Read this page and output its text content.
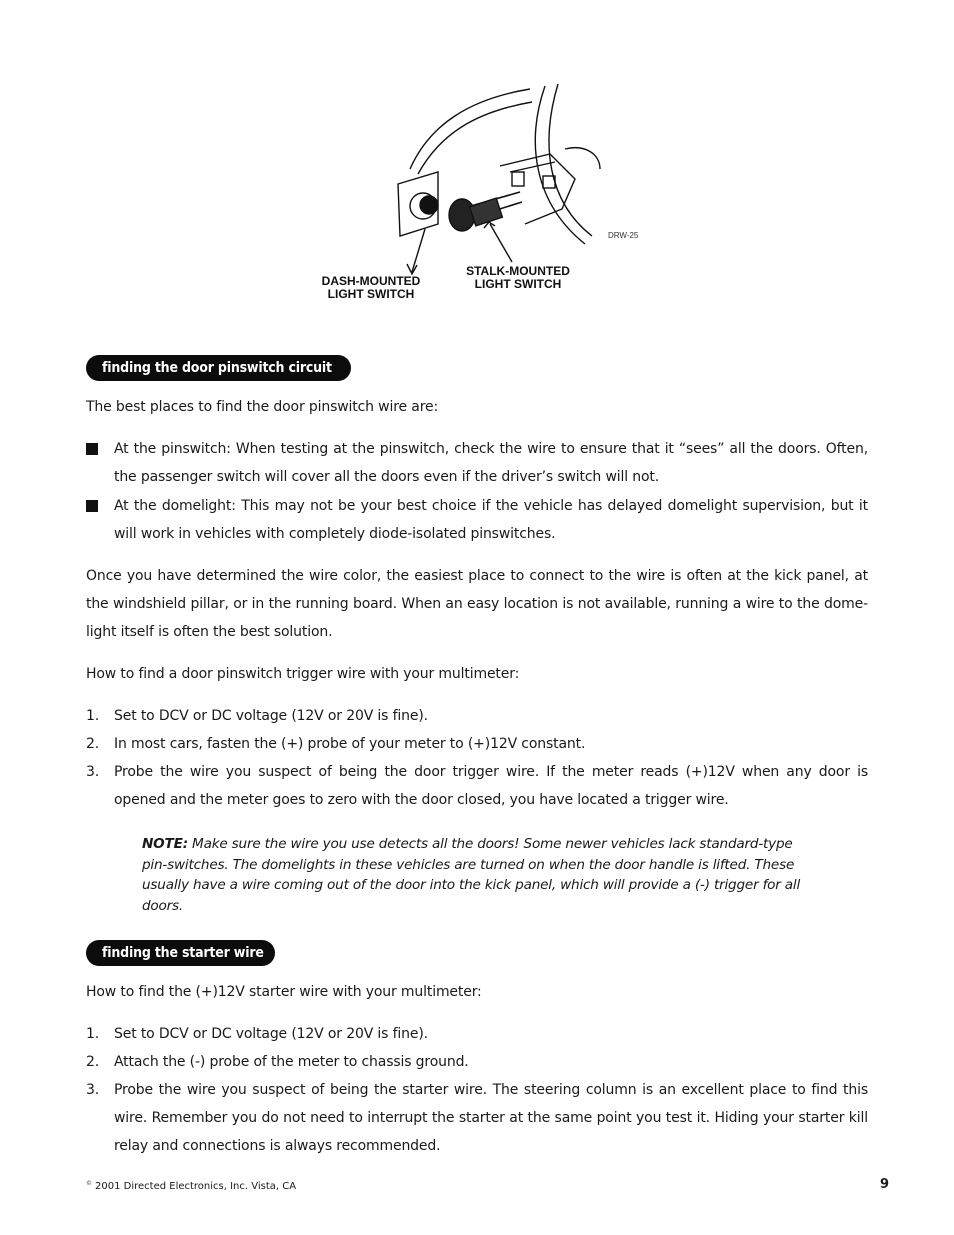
DRW-25
DASH-MOUNTED
LIGHT SWITCH
STALK-MOUNTED
LIGHT SWITCH
finding the door pinswitch circuit
The best places to find the door pinswitch wire are:
At the pinswitch: When testing at the pinswitch, check the wire to ensure that it “sees” all the doors. Often, the passenger switch will cover all the doors even if the driver’s switch will not.
At the domelight: This may not be your best choice if the vehicle has delayed domelight supervision, but it will work in vehicles with completely diode-isolated pinswitches.
Once you have determined the wire color, the easiest place to connect to the wire is often at the kick panel, at the windshield pillar, or in the running board. When an easy location is not available, running a wire to the dome-light itself is often the best solution.
How to find a door pinswitch trigger wire with your multimeter:
1. Set to DCV or DC voltage (12V or 20V is fine).
2. In most cars, fasten the (+) probe of your meter to (+)12V constant.
3. Probe the wire you suspect of being the door trigger wire. If the meter reads (+)12V when any door is opened and the meter goes to zero with the door closed, you have located a trigger wire.
NOTE: Make sure the wire you use detects all the doors! Some newer vehicles lack standard-type pin-switches. The domelights in these vehicles are turned on when the door handle is lifted. These usually have a wire coming out of the door into the kick panel, which will provide a (-) trigger for all doors.
finding the starter wire
How to find the (+)12V starter wire with your multimeter:
1. Set to DCV or DC voltage (12V or 20V is fine).
2. Attach the (-) probe of the meter to chassis ground.
3. Probe the wire you suspect of being the starter wire. The steering column is an excellent place to find this wire. Remember you do not need to interrupt the starter at the same point you test it. Hiding your starter kill relay and connections is always recommended.
© 2001 Directed Electronics, Inc. Vista, CA	9
